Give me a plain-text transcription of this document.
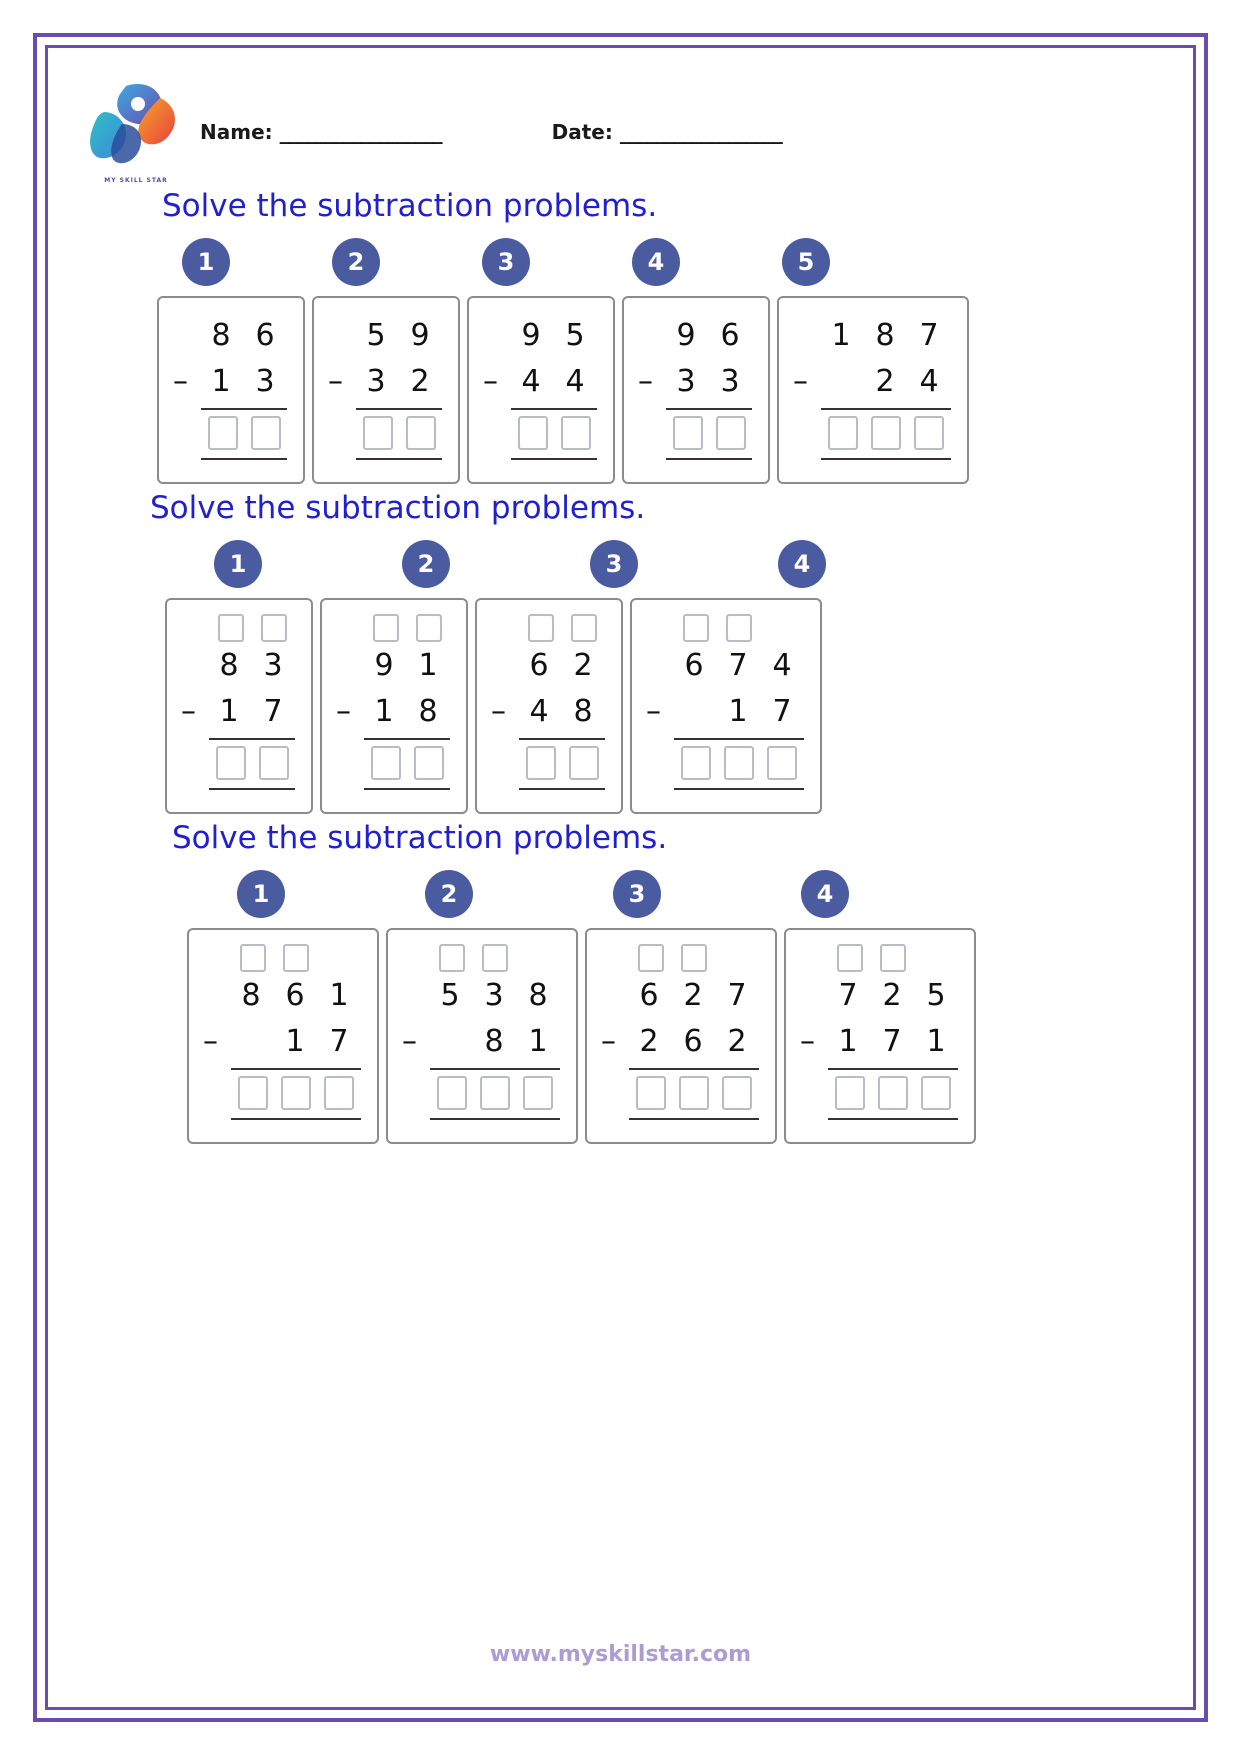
MY SKILL STAR
Name: __________________	Date: __________________
Solve the subtraction problems.
1	2	3	4	5
8 6
– 1 3
5 9
– 3 2
9 5
– 4 4
9 6
– 3 3
1 8 7
–	2 4
Solve the subtraction problems.
1	2	3	4
8 3
– 1 7
9 1
– 1 8
6 2
– 4 8
6 7 4
–	1 7
Solve the subtraction problems.
1	2	3	4
8 6 1
–	1 7
5 3 8
–	8 1
6 2 7
– 2 6 2
7 2 5
– 1 7 1
www.myskillstar.com
